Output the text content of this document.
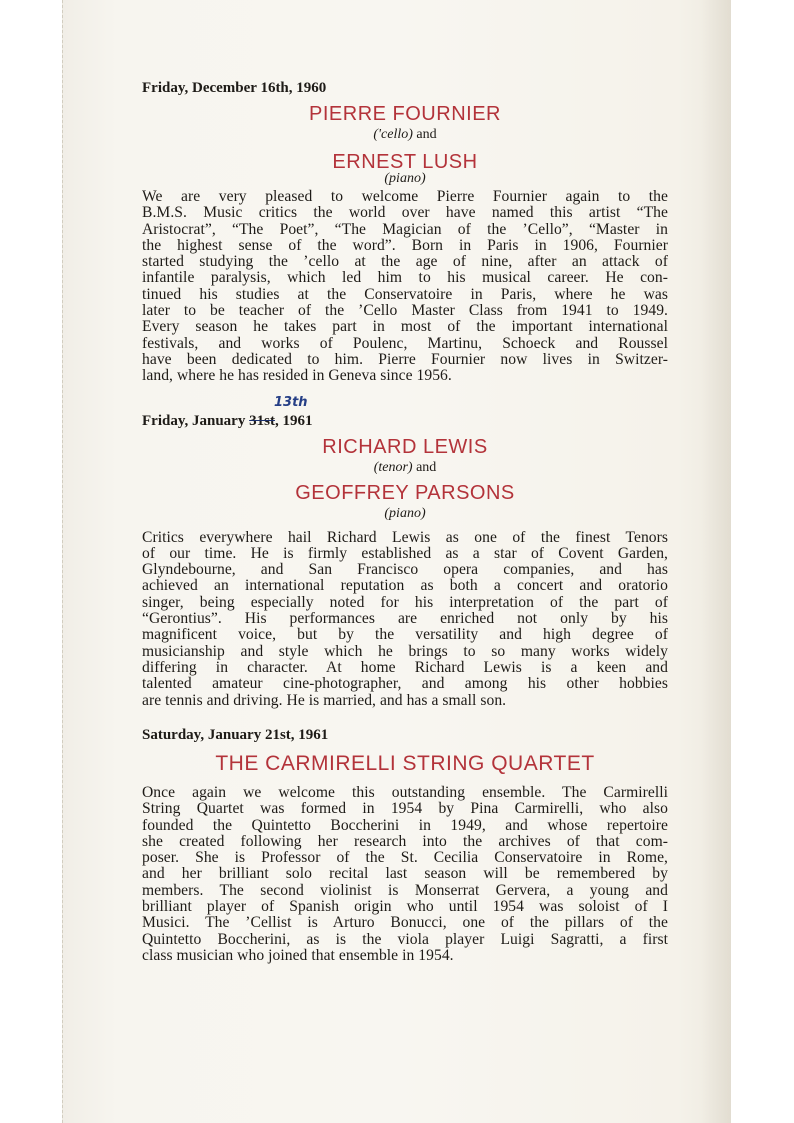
Friday, December 16th, 1960

PIERRE FOURNIER

('cello) and

ERNEST LUSH

(piano)

We are very pleased to welcome Pierre Fournier again to the
B.M.S. Music critics the world over have named this artist “The
Aristocrat”, “The Poet”, “The Magician of the ’Cello”, “Master in
the highest sense of the word”. Born in Paris in 1906, Fournier
started studying the ’cello at the age of nine, after an attack of
infantile paralysis, which led him to his musical career. He con-
tinued his studies at the Conservatoire in Paris, where he was
later to be teacher of the ’Cello Master Class from 1941 to 1949.
Every season he takes part in most of the important international
festivals, and works of Poulenc, Martinu, Schoeck and Roussel
have been dedicated to him. Pierre Fournier now lives in Switzer-
land, where he has resided in Geneva since 1956.

13th
Friday, January 31st, 1961

RICHARD LEWIS

(tenor) and

GEOFFREY PARSONS

(piano)

Critics everywhere hail Richard Lewis as one of the finest Tenors
of our time. He is firmly established as a star of Covent Garden,
Glyndebourne, and San Francisco opera companies, and has
achieved an international reputation as both a concert and oratorio
singer, being especially noted for his interpretation of the part of
“Gerontius”. His performances are enriched not only by his
magnificent voice, but by the versatility and high degree of
musicianship and style which he brings to so many works widely
differing in character. At home Richard Lewis is a keen and
talented amateur cine-photographer, and among his other hobbies
are tennis and driving. He is married, and has a small son.

Saturday, January 21st, 1961

THE CARMIRELLI STRING QUARTET

Once again we welcome this outstanding ensemble. The Carmirelli
String Quartet was formed in 1954 by Pina Carmirelli, who also
founded the Quintetto Boccherini in 1949, and whose repertoire
she created following her research into the archives of that com-
poser. She is Professor of the St. Cecilia Conservatoire in Rome,
and her brilliant solo recital last season will be remembered by
members. The second violinist is Monserrat Gervera, a young and
brilliant player of Spanish origin who until 1954 was soloist of I
Musici. The ’Cellist is Arturo Bonucci, one of the pillars of the
Quintetto Boccherini, as is the viola player Luigi Sagratti, a first
class musician who joined that ensemble in 1954.
